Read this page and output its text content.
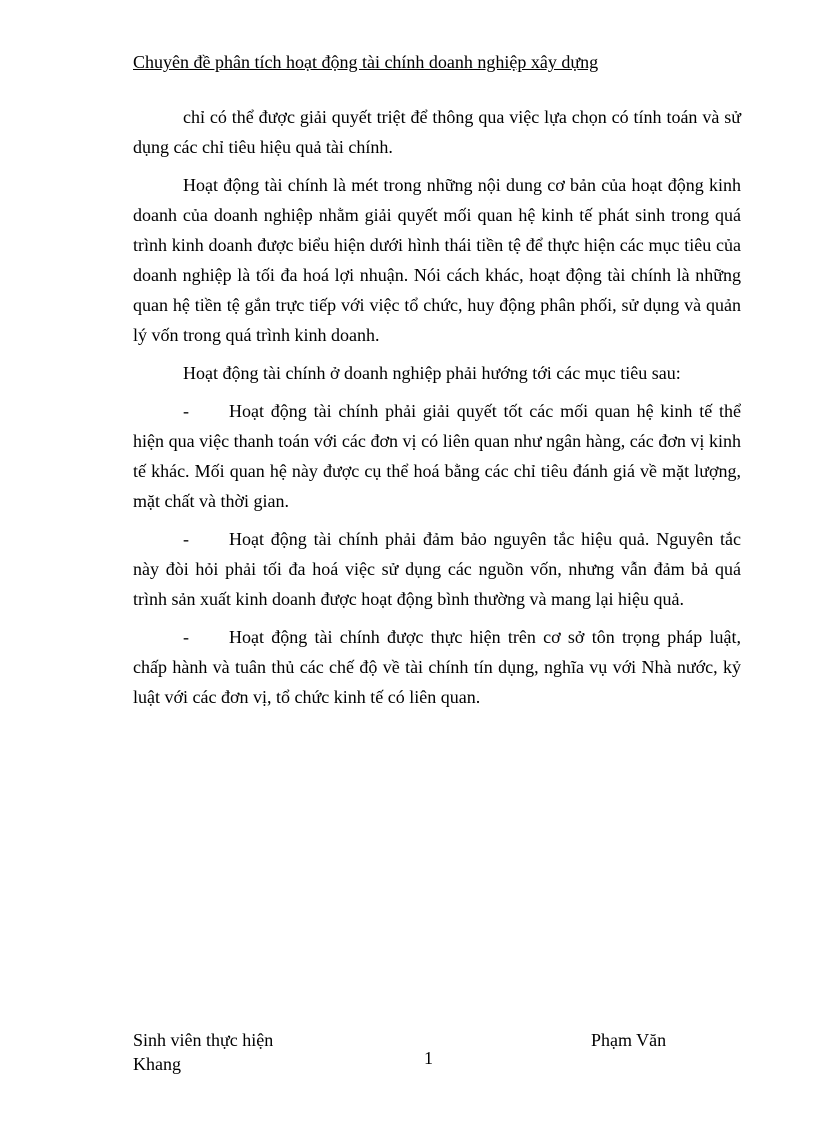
Chuyên đề phân tích hoạt động tài chính doanh nghiệp xây dựng

chỉ có thể được giải quyết triệt để thông qua việc lựa chọn có tính toán và sử dụng các chỉ tiêu hiệu quả tài chính.

Hoạt động tài chính là mét trong những nội dung cơ bản của hoạt động kinh doanh của doanh nghiệp nhằm giải quyết mối quan hệ kinh tế phát sinh trong quá trình kinh doanh được biểu hiện dưới hình thái tiền tệ để thực hiện các mục tiêu của doanh nghiệp là tối đa hoá lợi nhuận. Nói cách khác, hoạt động tài chính là những quan hệ tiền tệ gắn trực tiếp với việc tổ chức, huy động phân phối, sử dụng và quản lý vốn trong quá trình kinh doanh.

Hoạt động tài chính ở doanh nghiệp phải hướng tới các mục tiêu sau:

- Hoạt động tài chính phải giải quyết tốt các mối quan hệ kinh tế thể hiện qua việc thanh toán với các đơn vị có liên quan như ngân hàng, các đơn vị kinh tế khác. Mối quan hệ này được cụ thể hoá bằng các chỉ tiêu đánh giá về mặt lượng, mặt chất và thời gian.

- Hoạt động tài chính phải đảm bảo nguyên tắc hiệu quả. Nguyên tắc này đòi hỏi phải tối đa hoá việc sử dụng các nguồn vốn, nhưng vẫn đảm bả quá trình sản xuất kinh doanh được hoạt động bình thường và mang lại hiệu quả.

- Hoạt động tài chính được thực hiện trên cơ sở tôn trọng pháp luật, chấp hành và tuân thủ các chế độ về tài chính tín dụng, nghĩa vụ với Nhà nước, kỷ luật với các đơn vị, tổ chức kinh tế có liên quan.

Sinh viên thực hiện
Khang	1
Phạm Văn
